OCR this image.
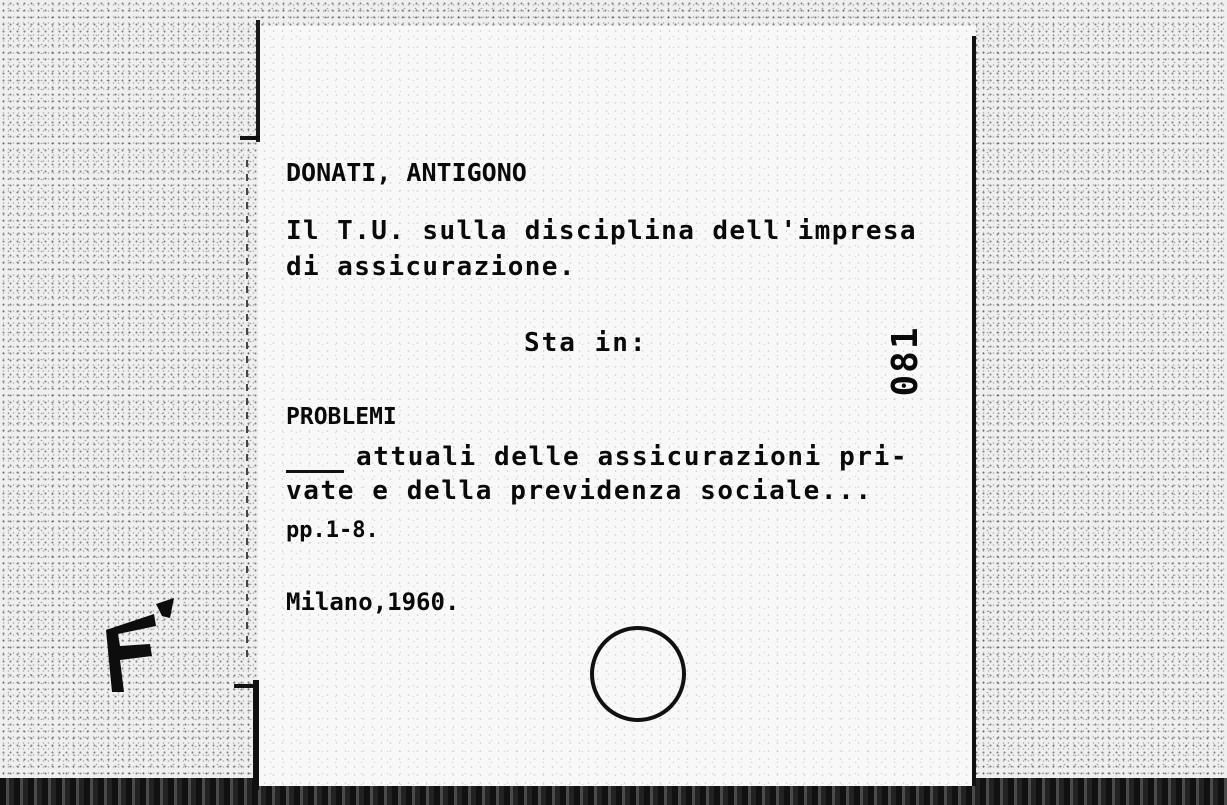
DONATI, ANTIGONO

Il T.U. sulla disciplina dell'impresa

di assicurazione.

Sta in:	081

PROBLEMI

attuali delle assicurazioni pri-

vate e della previdenza sociale...

pp.1-8.

Milano,1960.
